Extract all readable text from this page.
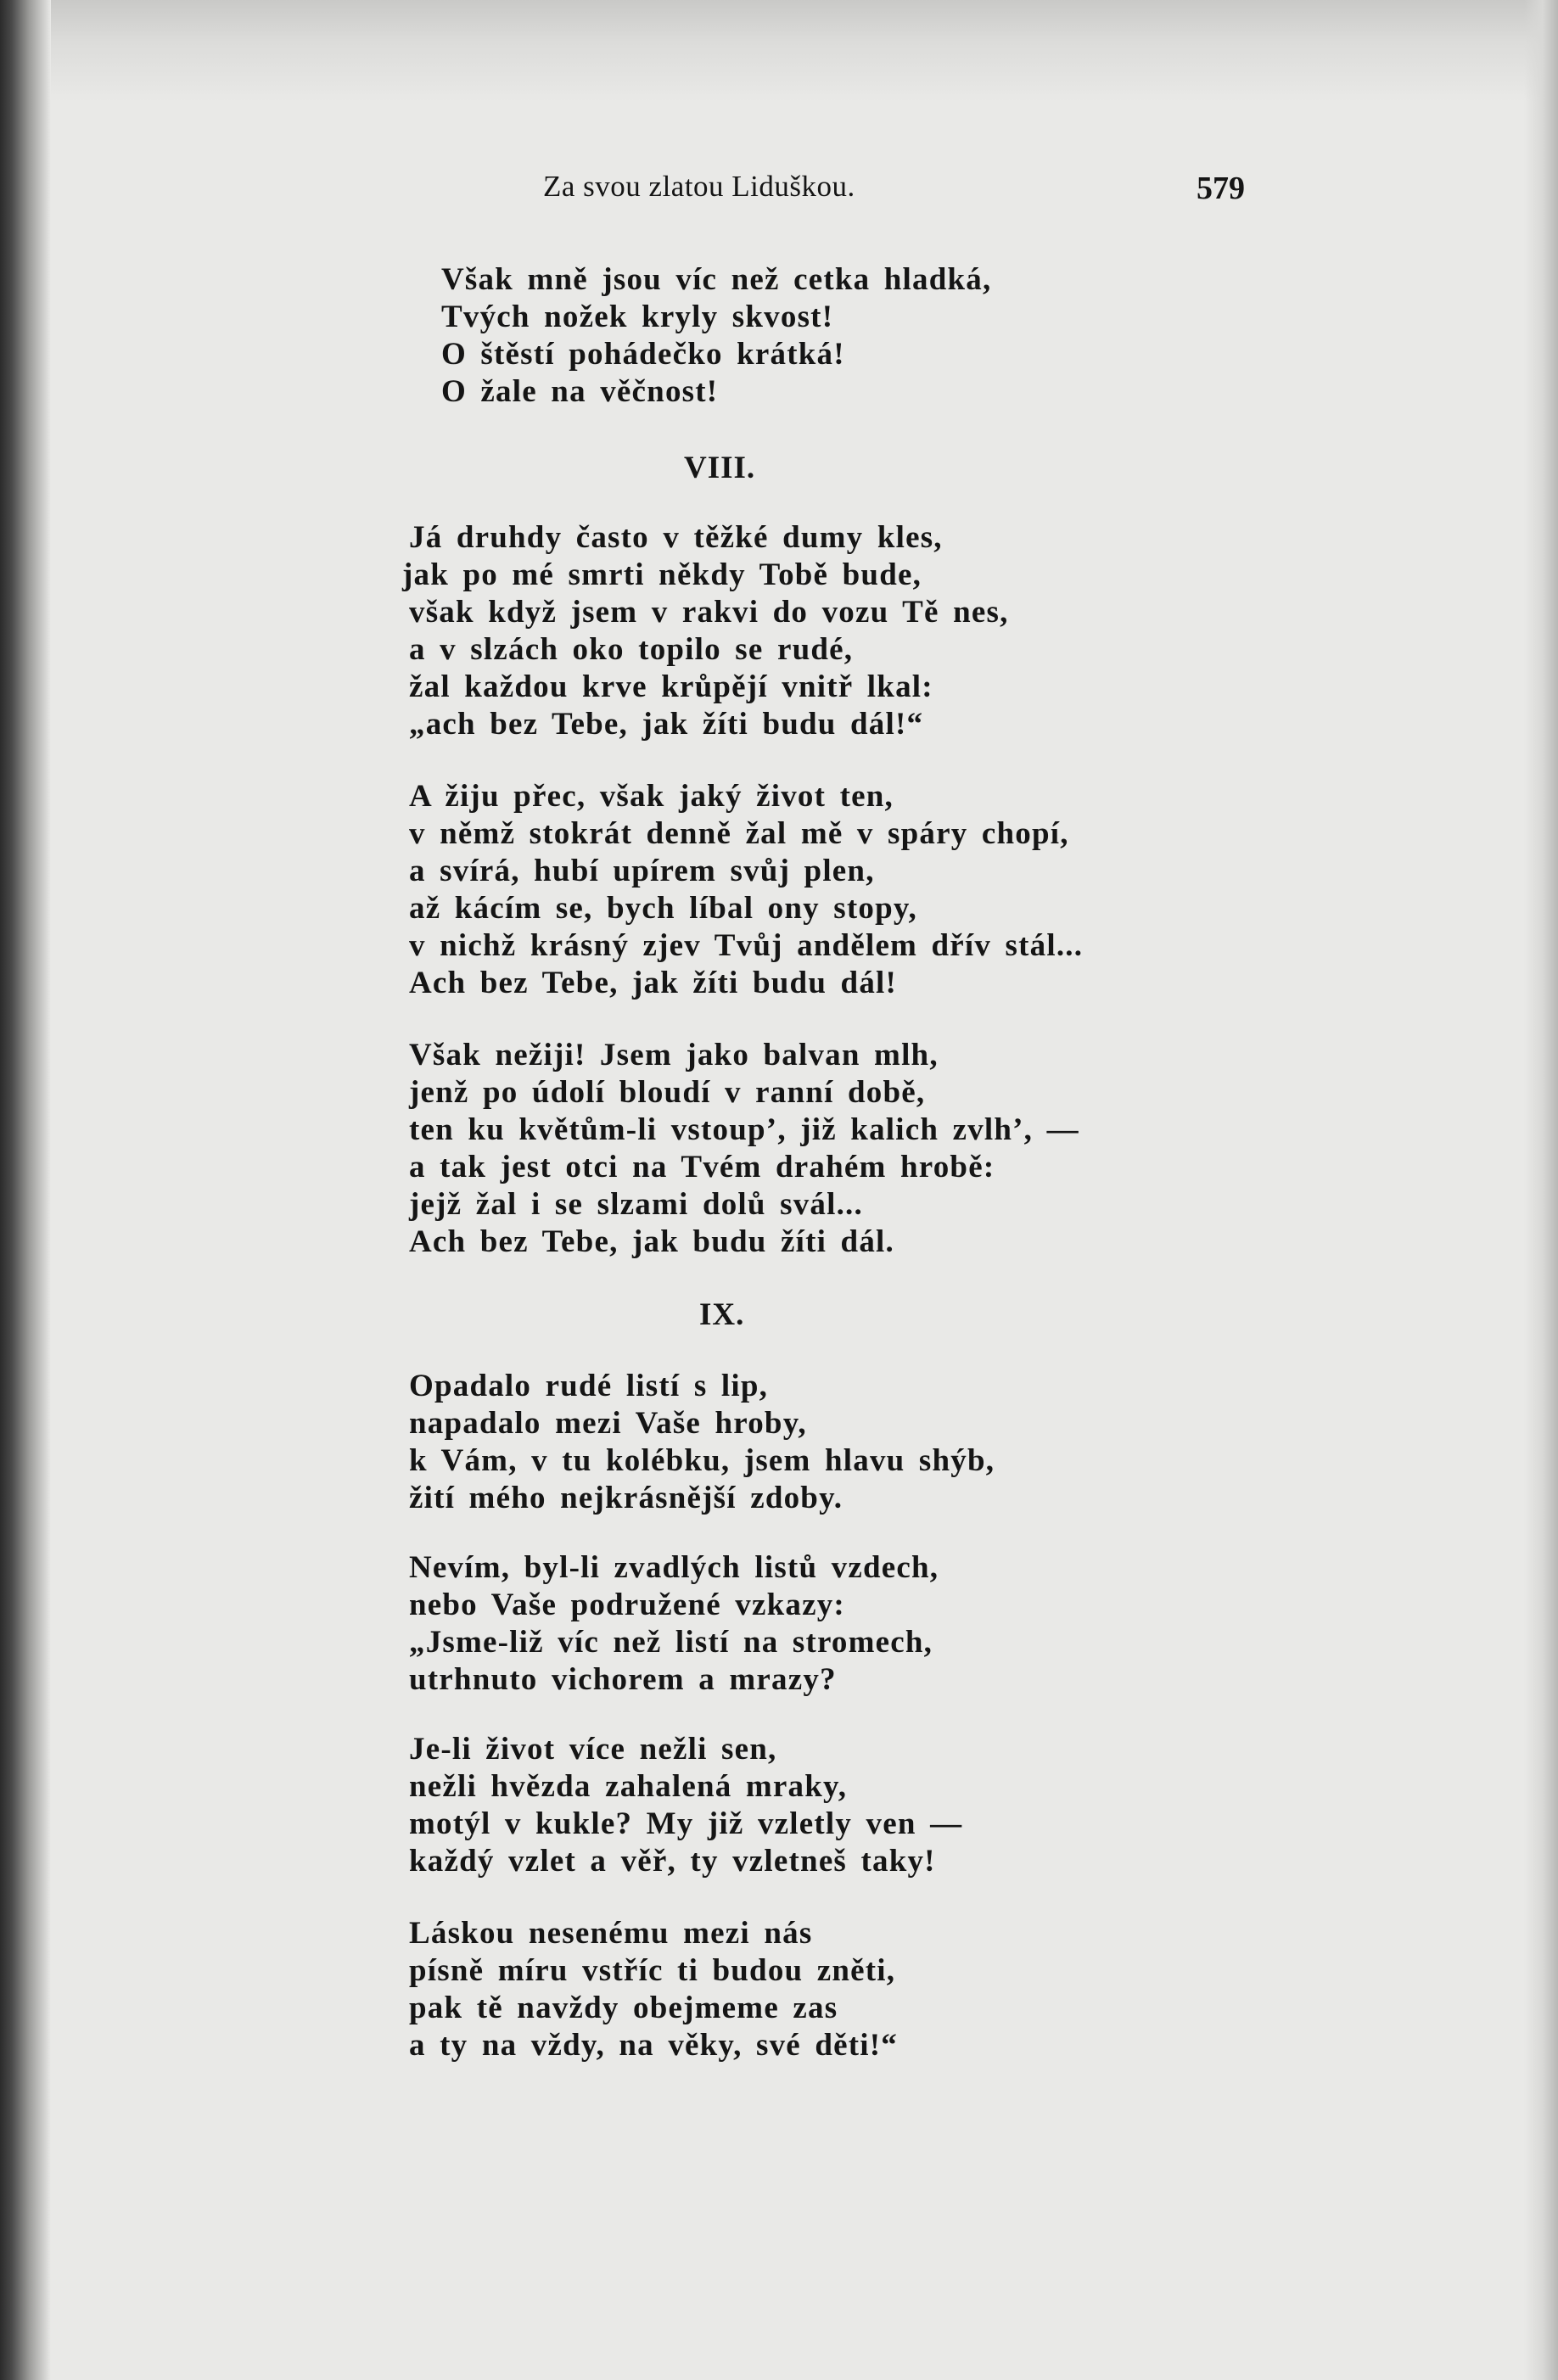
Za svou zlatou Liduškou.	579
Však mně jsou víc než cetka hladká,
Tvých nožek kryly skvost!
O štěstí pohádečko krátká!
O žale na věčnost!
VIII.
Já druhdy často v těžké dumy kles,
jak po mé smrti někdy Tobě bude,
však když jsem v rakvi do vozu Tě nes,
a v slzách oko topilo se rudé,
žal každou krve krůpějí vnitř lkal:
„ach bez Tebe, jak žíti budu dál!“
A žiju přec, však jaký život ten,
v němž stokrát denně žal mě v spáry chopí,
a svírá, hubí upírem svůj plen,
až kácím se, bych líbal ony stopy,
v nichž krásný zjev Tvůj andělem dřív stál...
Ach bez Tebe, jak žíti budu dál!
Však nežiji! Jsem jako balvan mlh,
jenž po údolí bloudí v ranní době,
ten ku květům-li vstoup’, již kalich zvlh’, —
a tak jest otci na Tvém drahém hrobě:
jejž žal i se slzami dolů svál...
Ach bez Tebe, jak budu žíti dál.
IX.
Opadalo rudé listí s lip,
napadalo mezi Vaše hroby,
k Vám, v tu kolébku, jsem hlavu shýb,
žití mého nejkrásnější zdoby.
Nevím, byl-li zvadlých listů vzdech,
nebo Vaše podružené vzkazy:
„Jsme-liž víc než listí na stromech,
utrhnuto vichorem a mrazy?
Je-li život více nežli sen,
nežli hvězda zahalená mraky,
motýl v kukle? My již vzletly ven —
každý vzlet a věř, ty vzletneš taky!
Láskou nesenému mezi nás
písně míru vstříc ti budou zněti,
pak tě navždy obejmeme zas
a ty na vždy, na věky, své děti!“
